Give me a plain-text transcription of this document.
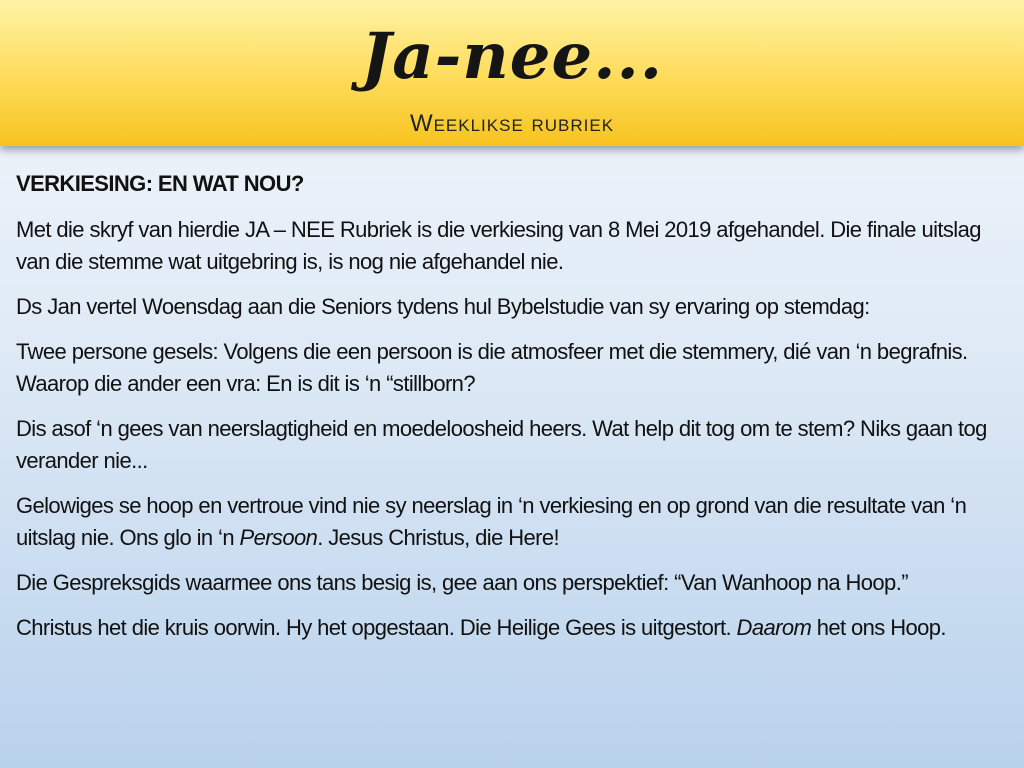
Ja-nee...
Weeklikse rubriek
VERKIESING: EN WAT NOU?
Met die skryf van hierdie JA – NEE Rubriek is die verkiesing van 8 Mei 2019 afgehandel. Die finale uitslag van die stemme wat uitgebring is, is nog nie afgehandel nie.
Ds Jan vertel Woensdag aan die Seniors tydens hul Bybelstudie van sy ervaring op stemdag:
Twee persone gesels: Volgens die een persoon is die atmosfeer met die stemmery, dié van ‘n begrafnis. Waarop die ander een vra: En is dit is ‘n “stillborn?
Dis asof ‘n gees van neerslagtigheid en moedeloosheid heers. Wat help dit tog om te stem? Niks gaan tog verander nie...
Gelowiges se hoop en vertroue vind nie sy neerslag in ‘n verkiesing en op grond van die resultate van ‘n uitslag nie. Ons glo in ‘n Persoon. Jesus Christus, die Here!
Die Gespreksgids waarmee ons tans besig is, gee aan ons perspektief: “Van Wanhoop na Hoop.”
Christus het die kruis oorwin. Hy het opgestaan. Die Heilige Gees is uitgestort. Daarom het ons Hoop.
